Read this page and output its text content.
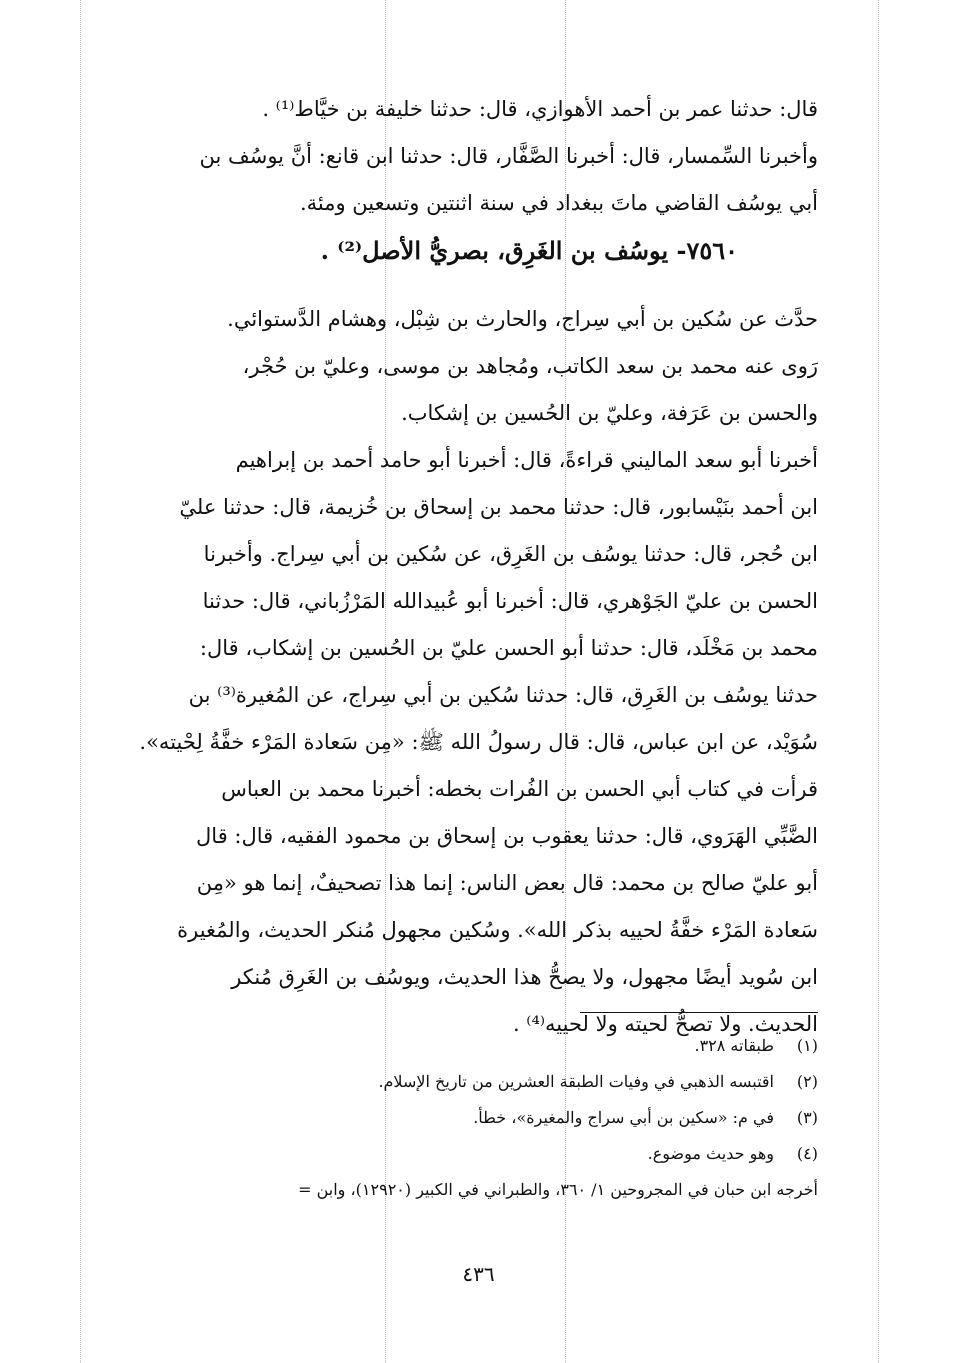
قال: حدثنا عمر بن أحمد الأهوازي، قال: حدثنا خليفة بن خيَّاط⁽¹⁾ .
وأخبرنا السِّمسار، قال: أخبرنا الصَّفَّار، قال: حدثنا ابن قانع: أنَّ يوسُف بن
أبي يوسُف القاضي ماتَ ببغداد في سنة اثنتين وتسعين ومئة.
٧٥٦٠- يوسُف بن الغَرِق، بصريُّ الأصل⁽²⁾ .
حدَّث عن سُكين بن أبي سِراج، والحارث بن شِبْل، وهشام الدَّستوائي.
رَوى عنه محمد بن سعد الكاتب، ومُجاهد بن موسى، وعليّ بن حُجْر،
والحسن بن عَرَفة، وعليّ بن الحُسين بن إشكاب.
أخبرنا أبو سعد الماليني قراءةً، قال: أخبرنا أبو حامد أحمد بن إبراهيم
ابن أحمد بنَيْسابور، قال: حدثنا محمد بن إسحاق بن خُزيمة، قال: حدثنا عليّ
ابن حُجر، قال: حدثنا يوسُف بن الغَرِق، عن سُكين بن أبي سِراج. وأخبرنا
الحسن بن عليّ الجَوْهري، قال: أخبرنا أبو عُبيدالله المَرْزُباني، قال: حدثنا
محمد بن مَخْلَد، قال: حدثنا أبو الحسن عليّ بن الحُسين بن إشكاب، قال:
حدثنا يوسُف بن الغَرِق، قال: حدثنا سُكين بن أبي سِراج، عن المُغيرة⁽³⁾ بن
سُوَيْد، عن ابن عباس، قال: قال رسولُ الله ﷺ: «مِن سَعادة المَرْء خفَّةُ لِحْيته».
قرأت في كتاب أبي الحسن بن الفُرات بخطه: أخبرنا محمد بن العباس
الضَّبِّي الهَرَوي، قال: حدثنا يعقوب بن إسحاق بن محمود الفقيه، قال: قال
أبو عليّ صالح بن محمد: قال بعض الناس: إنما هذا تصحيفٌ، إنما هو «مِن
سَعادة المَرْء خفَّةُ لحييه بذكر الله». وسُكين مجهول مُنكر الحديث، والمُغيرة
ابن سُويد أيضًا مجهول، ولا يصحُّ هذا الحديث، ويوسُف بن الغَرِق مُنكر
الحديث. ولا تصحُّ لحيته ولا لحييه⁽⁴⁾ .
(١)
طبقاته ٣٢٨.
(٢)
اقتبسه الذهبي في وفيات الطبقة العشرين من تاريخ الإسلام.
(٣)
في م: «سكين بن أبي سراج والمغيرة»، خطأ.
(٤)
وهو حديث موضوع.
أخرجه ابن حبان في المجروحين ١/ ٣٦٠، والطبراني في الكبير (١٢٩٢٠)، وابن =
٤٣٦
